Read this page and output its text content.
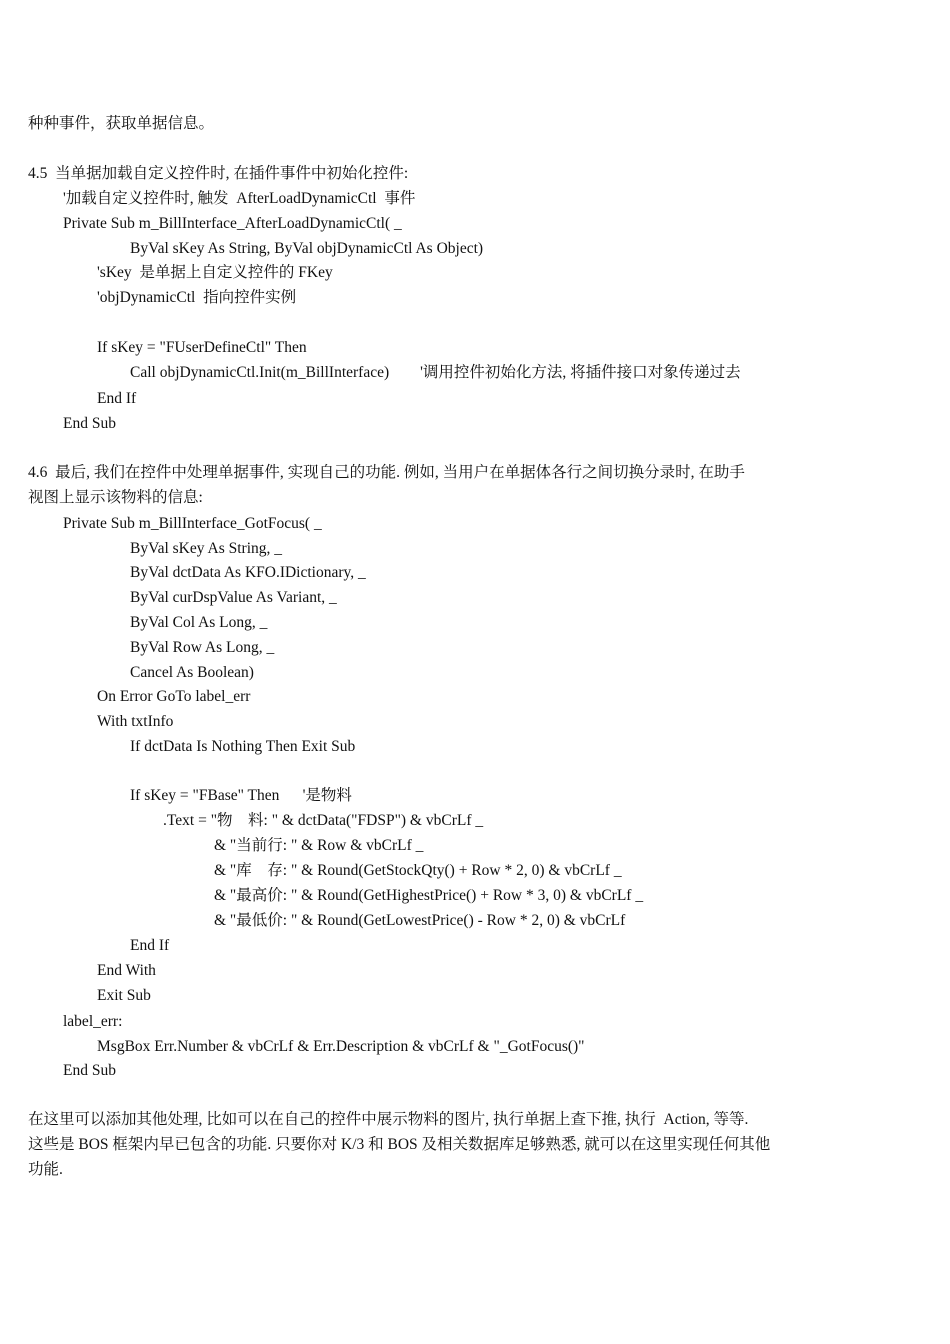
种种事件，获取单据信息。
4.5  当单据加载自定义控件时, 在插件事件中初始化控件:
'加载自定义控件时, 触发  AfterLoadDynamicCtl  事件
Private Sub m_BillInterface_AfterLoadDynamicCtl( _
ByVal sKey As String, ByVal objDynamicCtl As Object)
'sKey  是单据上自定义控件的 FKey
'objDynamicCtl  指向控件实例
If sKey = "FUserDefineCtl" Then
Call objDynamicCtl.Init(m_BillInterface)        '调用控件初始化方法, 将插件接口对象传递过去
End If
End Sub
4.6  最后, 我们在控件中处理单据事件, 实现自己的功能. 例如, 当用户在单据体各行之间切换分录时, 在助手
视图上显示该物料的信息:
Private Sub m_BillInterface_GotFocus( _
ByVal sKey As String, _
ByVal dctData As KFO.IDictionary, _
ByVal curDspValue As Variant, _
ByVal Col As Long, _
ByVal Row As Long, _
Cancel As Boolean)
On Error GoTo label_err
With txtInfo
If dctData Is Nothing Then Exit Sub
If sKey = "FBase" Then      '是物料
.Text = "物    料: " & dctData("FDSP") & vbCrLf _
& "当前行: " & Row & vbCrLf _
& "库    存: " & Round(GetStockQty() + Row * 2, 0) & vbCrLf _
& "最高价: " & Round(GetHighestPrice() + Row * 3, 0) & vbCrLf _
& "最低价: " & Round(GetLowestPrice() - Row * 2, 0) & vbCrLf
End If
End With
Exit Sub
label_err:
MsgBox Err.Number & vbCrLf & Err.Description & vbCrLf & "_GotFocus()"
End Sub
在这里可以添加其他处理, 比如可以在自己的控件中展示物料的图片, 执行单据上查下推, 执行  Action, 等等.
这些是 BOS 框架内早已包含的功能. 只要你对 K/3 和 BOS 及相关数据库足够熟悉, 就可以在这里实现任何其他
功能.
